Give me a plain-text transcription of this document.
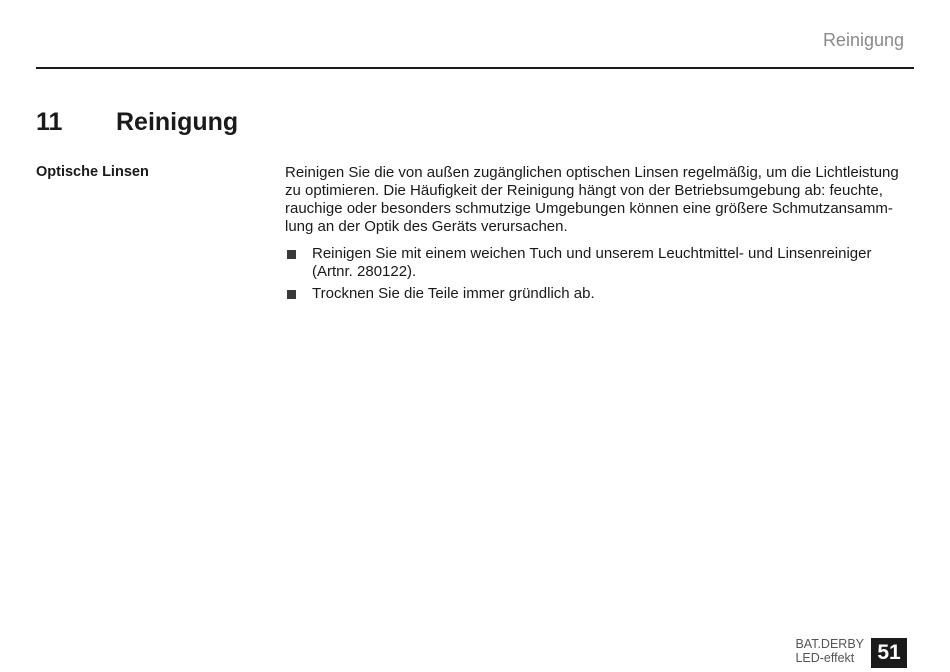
Reinigung
11 Reinigung
Optische Linsen	Reinigen Sie die von außen zugänglichen optischen Linsen regelmäßig, um die Lichtleistung zu optimieren. Die Häufigkeit der Reinigung hängt von der Betriebsumgebung ab: feuchte, rauchige oder besonders schmutzige Umgebungen können eine größere Schmutzansamm-lung an der Optik des Geräts verursachen.

Reinigen Sie mit einem weichen Tuch und unserem Leuchtmittel- und Linsenreiniger (Artnr. 280122).
Trocknen Sie die Teile immer gründlich ab.
BAT.DERBY
LED-effekt	51
